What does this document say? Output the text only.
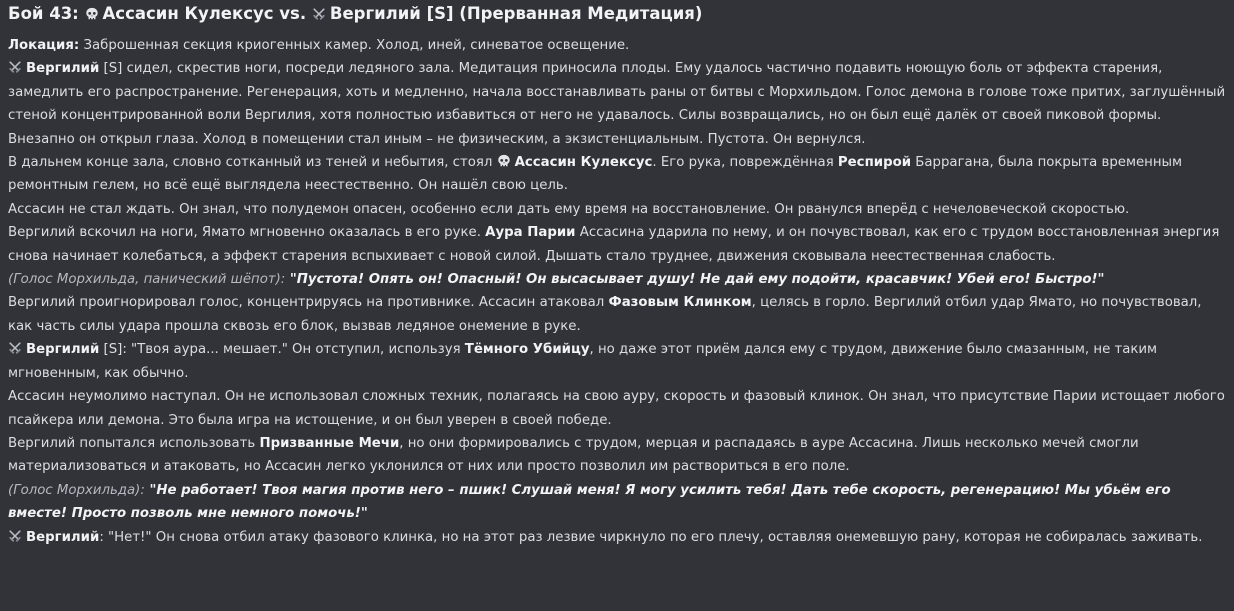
Бой 43: Ассасин Кулексус vs. Вергилий [S] (Прерванная Медитация)

Локация: Заброшенная секция криогенных камер. Холод, иней, синеватое освещение.

Вергилий [S] сидел, скрестив ноги, посреди ледяного зала. Медитация приносила плоды. Ему удалось частично подавить ноющую боль от эффекта старения, замедлить его распространение. Регенерация, хоть и медленно, начала восстанавливать раны от битвы с Морхильдом. Голос демона в голове тоже притих, заглушённый стеной концентрированной воли Вергилия, хотя полностью избавиться от него не удавалось. Силы возвращались, но он был ещё далёк от своей пиковой формы.

Внезапно он открыл глаза. Холод в помещении стал иным – не физическим, а экзистенциальным. Пустота. Он вернулся.

В дальнем конце зала, словно сотканный из теней и небытия, стоял Ассасин Кулексус. Его рука, повреждённая Респирой Баррагана, была покрыта временным ремонтным гелем, но всё ещё выглядела неестественно. Он нашёл свою цель.

Ассасин не стал ждать. Он знал, что полудемон опасен, особенно если дать ему время на восстановление. Он рванулся вперёд с нечеловеческой скоростью.

Вергилий вскочил на ноги, Ямато мгновенно оказалась в его руке. Аура Парии Ассасина ударила по нему, и он почувствовал, как его с трудом восстановленная энергия снова начинает колебаться, а эффект старения вспыхивает с новой силой. Дышать стало труднее, движения сковывала неестественная слабость.

(Голос Морхильда, панический шёпот): "Пустота! Опять он! Опасный! Он высасывает душу! Не дай ему подойти, красавчик! Убей его! Быстро!"

Вергилий проигнорировал голос, концентрируясь на противнике. Ассасин атаковал Фазовым Клинком, целясь в горло. Вергилий отбил удар Ямато, но почувствовал, как часть силы удара прошла сквозь его блок, вызвав ледяное онемение в руке.

Вергилий [S]: "Твоя аура... мешает." Он отступил, используя Тёмного Убийцу, но даже этот приём дался ему с трудом, движение было смазанным, не таким мгновенным, как обычно.

Ассасин неумолимо наступал. Он не использовал сложных техник, полагаясь на свою ауру, скорость и фазовый клинок. Он знал, что присутствие Парии истощает любого псайкера или демона. Это была игра на истощение, и он был уверен в своей победе.

Вергилий попытался использовать Призванные Мечи, но они формировались с трудом, мерцая и распадаясь в ауре Ассасина. Лишь несколько мечей смогли материализоваться и атаковать, но Ассасин легко уклонился от них или просто позволил им раствориться в его поле.

(Голос Морхильда): "Не работает! Твоя магия против него – пшик! Слушай меня! Я могу усилить тебя! Дать тебе скорость, регенерацию! Мы убьём его вместе! Просто позволь мне немного помочь!"

Вергилий: "Нет!" Он снова отбил атаку фазового клинка, но на этот раз лезвие чиркнуло по его плечу, оставляя онемевшую рану, которая не собиралась заживать.
